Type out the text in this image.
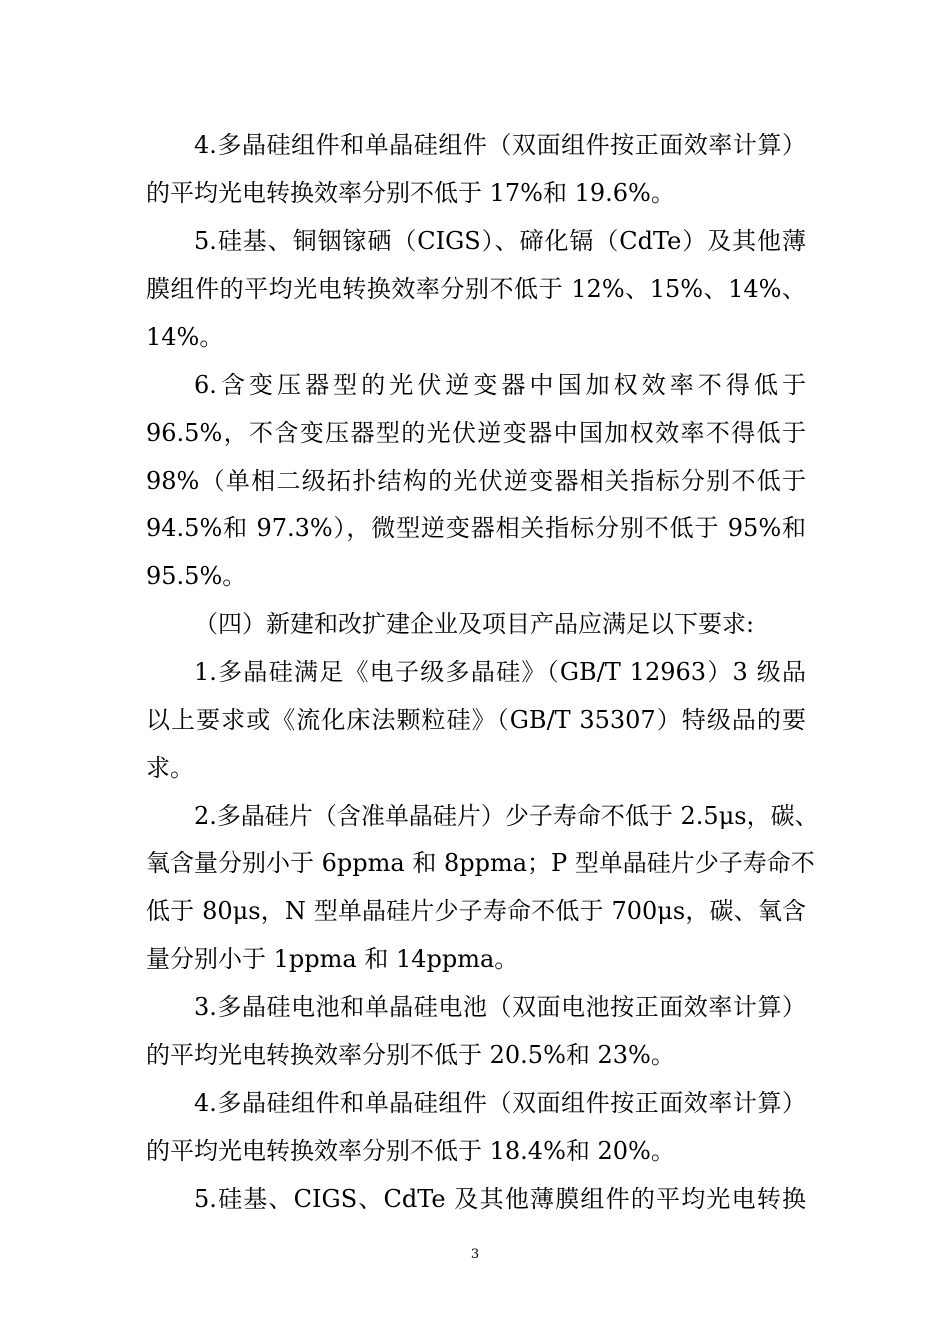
4.多晶硅组件和单晶硅组件（双面组件按正面效率计算）
的平均光电转换效率分别不低于 17%和 19.6%。
5.硅基、铜铟镓硒（CIGS）、碲化镉（CdTe）及其他薄
膜组件的平均光电转换效率分别不低于 12%、15%、14%、
14%。
6.含变压器型的光伏逆变器中国加权效率不得低于
96.5%，不含变压器型的光伏逆变器中国加权效率不得低于
98%（单相二级拓扑结构的光伏逆变器相关指标分别不低于
94.5%和 97.3%），微型逆变器相关指标分别不低于 95%和
95.5%。
（四）新建和改扩建企业及项目产品应满足以下要求:
1.多晶硅满足《电子级多晶硅》（GB/T 12963）3 级品
以上要求或《流化床法颗粒硅》（GB/T 35307）特级品的要
求。
2.多晶硅片（含准单晶硅片）少子寿命不低于 2.5μs，碳、
氧含量分别小于 6ppma 和 8ppma；P 型单晶硅片少子寿命不
低于 80μs，N 型单晶硅片少子寿命不低于 700μs，碳、氧含
量分别小于 1ppma 和 14ppma。
3.多晶硅电池和单晶硅电池（双面电池按正面效率计算）
的平均光电转换效率分别不低于 20.5%和 23%。
4.多晶硅组件和单晶硅组件（双面组件按正面效率计算）
的平均光电转换效率分别不低于 18.4%和 20%。
5.硅基、CIGS、CdTe 及其他薄膜组件的平均光电转换
3
